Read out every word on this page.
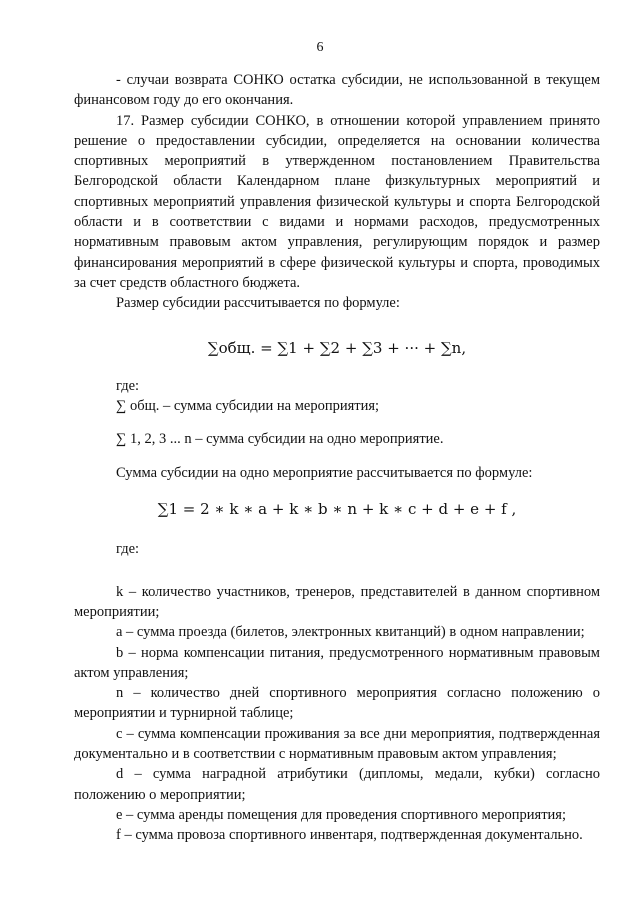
6

- случаи возврата СОНКО остатка субсидии, не использованной в текущем финансовом году до его окончания.

17. Размер субсидии СОНКО, в отношении которой управлением принято решение о предоставлении субсидии, определяется на основании количества спортивных мероприятий в утвержденном постановлением Правительства Белгородской области Календарном плане физкультурных мероприятий и спортивных мероприятий управления физической культуры и спорта Белгородской области и в соответствии с видами и нормами расходов, предусмотренных нормативным правовым актом управления, регулирующим порядок и размер финансирования мероприятий в сфере физической культуры и спорта, проводимых за счет средств областного бюджета.

Размер субсидии рассчитывается по формуле:

∑общ. = ∑1 + ∑2 + ∑3 + ··· + ∑n,

где:

∑ общ. – сумма субсидии на мероприятия;

∑ 1, 2, 3 ... n – сумма субсидии на одно мероприятие.

Сумма субсидии на одно мероприятие рассчитывается по формуле:

∑1 = 2 ∗ k ∗ a + k ∗ b ∗ n + k ∗ c + d + e + f ,

где:

k – количество участников, тренеров, представителей в данном спортивном мероприятии;

a – сумма проезда (билетов, электронных квитанций) в одном направлении;

b – норма компенсации питания, предусмотренного нормативным правовым актом управления;

n – количество дней спортивного мероприятия согласно положению о мероприятии и турнирной таблице;

c – сумма компенсации проживания за все дни мероприятия, подтвержденная документально и в соответствии с нормативным правовым актом управления;

d – сумма наградной атрибутики (дипломы, медали, кубки) согласно положению о мероприятии;

e – сумма аренды помещения для проведения спортивного мероприятия;

f – сумма провоза спортивного инвентаря, подтвержденная документально.
